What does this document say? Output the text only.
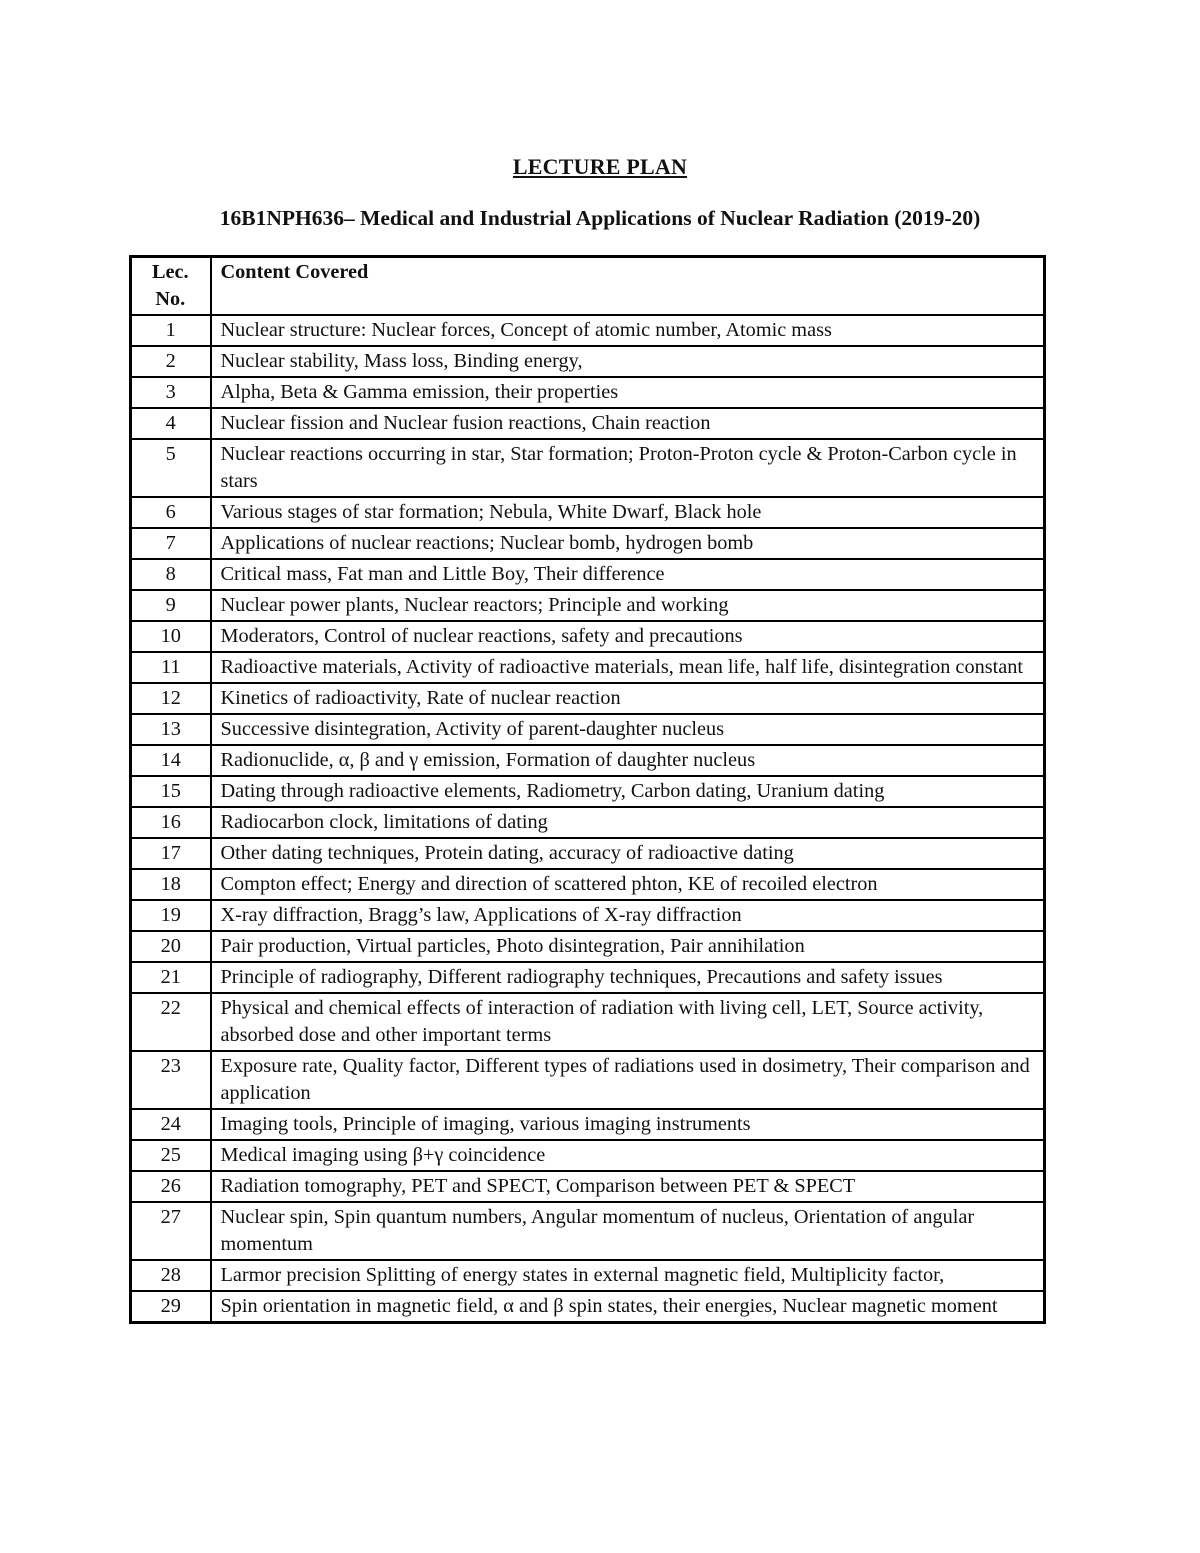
LECTURE PLAN
16B1NPH636– Medical and Industrial Applications of Nuclear Radiation (2019-20)
Lec.
No.	Content Covered
1	Nuclear structure: Nuclear forces, Concept of atomic number, Atomic mass
2	Nuclear stability, Mass loss, Binding energy,
3	Alpha, Beta & Gamma emission, their properties
4	Nuclear fission and Nuclear fusion reactions, Chain reaction
5	Nuclear reactions occurring in star, Star formation; Proton-Proton cycle & Proton-Carbon cycle in stars
6	Various stages of star formation; Nebula, White Dwarf, Black hole
7	Applications of nuclear reactions; Nuclear bomb, hydrogen bomb
8	Critical mass, Fat man and Little Boy, Their difference
9	Nuclear power plants, Nuclear reactors; Principle and working
10	Moderators, Control of nuclear reactions, safety and precautions
11	Radioactive materials, Activity of radioactive materials, mean life, half life, disintegration constant
12	Kinetics of radioactivity, Rate of nuclear reaction
13	Successive disintegration, Activity of parent-daughter nucleus
14	Radionuclide, α, β and γ emission, Formation of daughter nucleus
15	Dating through radioactive elements, Radiometry, Carbon dating, Uranium dating
16	Radiocarbon clock, limitations of dating
17	Other dating techniques, Protein dating, accuracy of radioactive dating
18	Compton effect; Energy and direction of scattered phton, KE of recoiled electron
19	X-ray diffraction, Bragg’s law, Applications of X-ray diffraction
20	Pair production, Virtual particles, Photo disintegration, Pair annihilation
21	Principle of radiography, Different radiography techniques, Precautions and safety issues
22	Physical and chemical effects of interaction of radiation with living cell, LET, Source activity, absorbed dose and other important terms
23	Exposure rate, Quality factor, Different types of radiations used in dosimetry, Their comparison and application
24	Imaging tools, Principle of imaging, various imaging instruments
25	Medical imaging using β+γ coincidence
26	Radiation tomography, PET and SPECT, Comparison between PET & SPECT
27	Nuclear spin, Spin quantum numbers, Angular momentum of nucleus, Orientation of angular momentum
28	Larmor precision Splitting of energy states in external magnetic field, Multiplicity factor,
29	Spin orientation in magnetic field, α and β spin states, their energies, Nuclear magnetic moment
